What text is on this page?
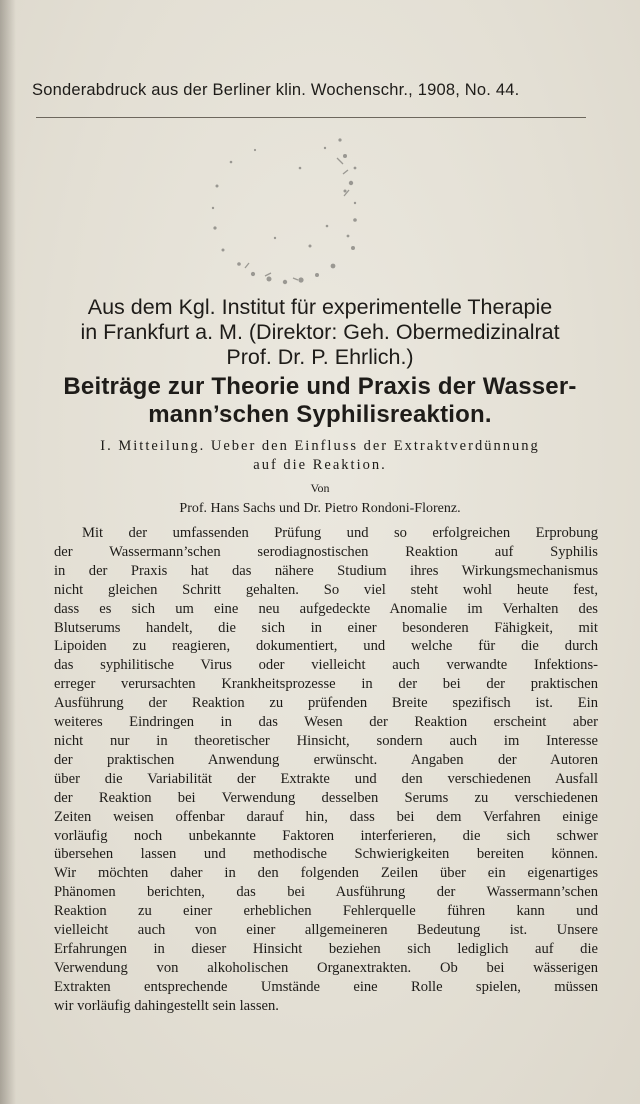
Sonderabdruck aus der Berliner klin. Wochenschr., 1908, No. 44.
Aus dem Kgl. Institut für experimentelle Therapie
in Frankfurt a. M. (Direktor: Geh. Obermedizinalrat
Prof. Dr. P. Ehrlich.)
Beiträge zur Theorie und Praxis der Wasser-
mann’schen Syphilisreaktion.
I. Mitteilung. Ueber den Einfluss der Extraktverdünnung
auf die Reaktion.
Von
Prof. Hans Sachs und Dr. Pietro Rondoni-Florenz.
Mit der umfassenden Prüfung und so erfolgreichen Erprobung
der Wassermann’schen serodiagnostischen Reaktion auf Syphilis
in der Praxis hat das nähere Studium ihres Wirkungsmechanismus
nicht gleichen Schritt gehalten. So viel steht wohl heute fest,
dass es sich um eine neu aufgedeckte Anomalie im Verhalten des
Blutserums handelt, die sich in einer besonderen Fähigkeit, mit
Lipoiden zu reagieren, dokumentiert, und welche für die durch
das syphilitische Virus oder vielleicht auch verwandte Infektions-
erreger verursachten Krankheitsprozesse in der bei der praktischen
Ausführung der Reaktion zu prüfenden Breite spezifisch ist. Ein
weiteres Eindringen in das Wesen der Reaktion erscheint aber
nicht nur in theoretischer Hinsicht, sondern auch im Interesse
der praktischen Anwendung erwünscht. Angaben der Autoren
über die Variabilität der Extrakte und den verschiedenen Ausfall
der Reaktion bei Verwendung desselben Serums zu verschiedenen
Zeiten weisen offenbar darauf hin, dass bei dem Verfahren einige
vorläufig noch unbekannte Faktoren interferieren, die sich schwer
übersehen lassen und methodische Schwierigkeiten bereiten können.
Wir möchten daher in den folgenden Zeilen über ein eigenartiges
Phänomen berichten, das bei Ausführung der Wassermann’schen
Reaktion zu einer erheblichen Fehlerquelle führen kann und
vielleicht auch von einer allgemeineren Bedeutung ist. Unsere
Erfahrungen in dieser Hinsicht beziehen sich lediglich auf die
Verwendung von alkoholischen Organextrakten. Ob bei wässerigen
Extrakten entsprechende Umstände eine Rolle spielen, müssen
wir vorläufig dahingestellt sein lassen.
